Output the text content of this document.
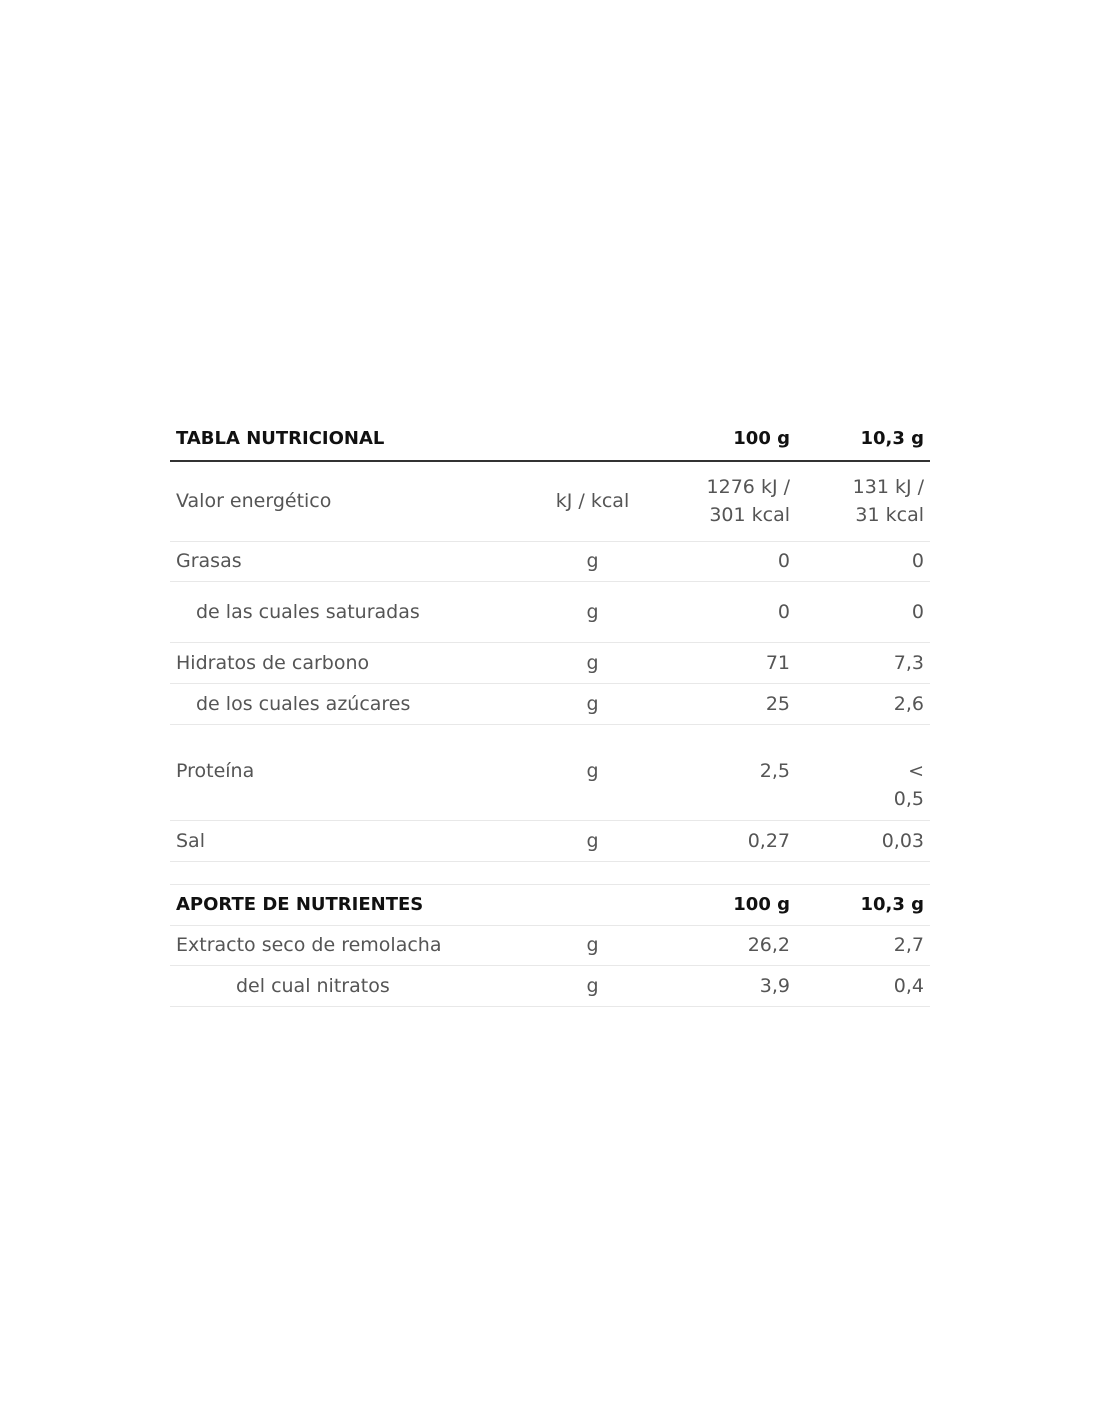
TABLA NUTRICIONAL		100 g	10,3 g
Valor energético	kJ / kcal	1276 kJ / 301 kcal	131 kJ / 31 kcal
Grasas	g	0	0
de las cuales saturadas	g	0	0
Hidratos de carbono	g	71	7,3
de los cuales azúcares	g	25	2,6
Proteína	g	2,5	< 0,5
Sal	g	0,27	0,03

APORTE DE NUTRIENTES		100 g	10,3 g
Extracto seco de remolacha	g	26,2	2,7
del cual nitratos	g	3,9	0,4
